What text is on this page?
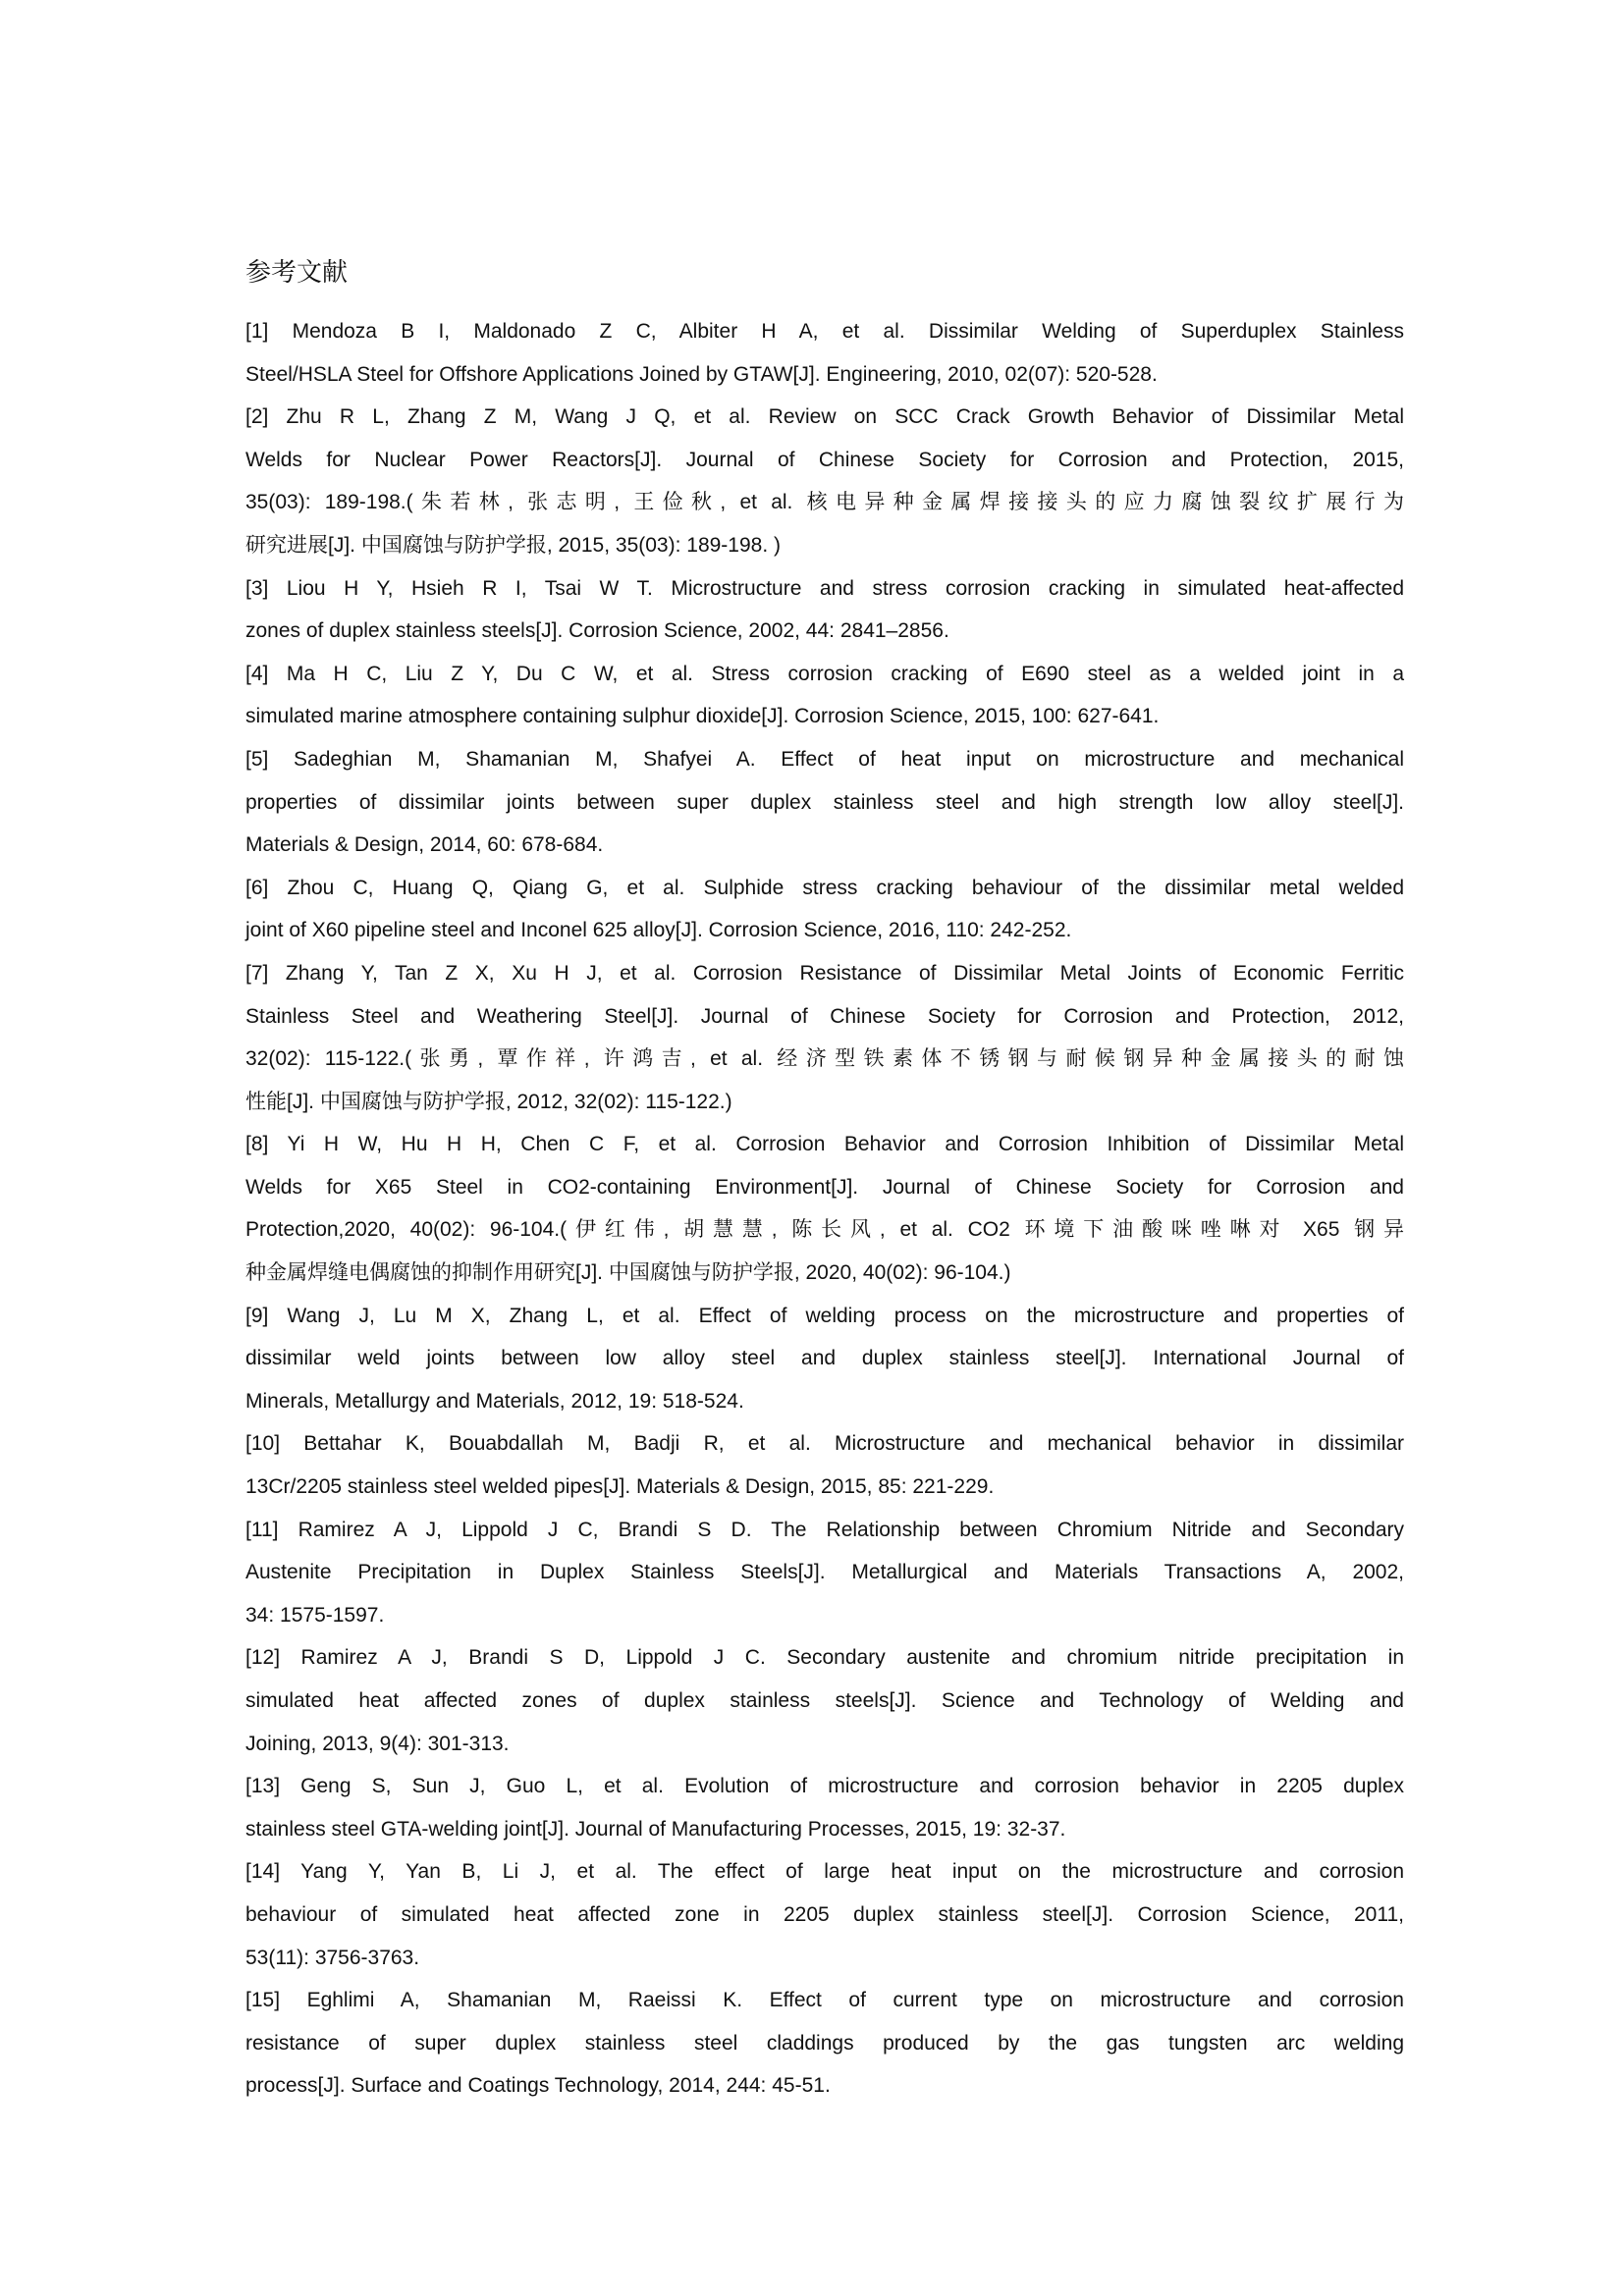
参考文献
[1] Mendoza B I, Maldonado Z C, Albiter H A, et al. Dissimilar Welding of Superduplex Stainless
Steel/HSLA Steel for Offshore Applications Joined by GTAW[J]. Engineering, 2010, 02(07): 520-528.
[2] Zhu R L, Zhang Z M, Wang J Q, et al. Review on SCC Crack Growth Behavior of Dissimilar Metal
Welds for Nuclear Power Reactors[J]. Journal of Chinese Society for Corrosion and Protection, 2015,
35(03): 189-198.(朱若林, 张志明, 王俭秋, et al. 核电异种金属焊接接头的应力腐蚀裂纹扩展行为
研究进展[J]. 中国腐蚀与防护学报, 2015, 35(03): 189-198. )
[3] Liou H Y, Hsieh R I, Tsai W T. Microstructure and stress corrosion cracking in simulated heat-affected
zones of duplex stainless steels[J]. Corrosion Science, 2002, 44: 2841–2856.
[4] Ma H C, Liu Z Y, Du C W, et al. Stress corrosion cracking of E690 steel as a welded joint in a
simulated marine atmosphere containing sulphur dioxide[J]. Corrosion Science, 2015, 100: 627-641.
[5] Sadeghian M, Shamanian M, Shafyei A. Effect of heat input on microstructure and mechanical
properties of dissimilar joints between super duplex stainless steel and high strength low alloy steel[J].
Materials & Design, 2014, 60: 678-684.
[6] Zhou C, Huang Q, Qiang G, et al. Sulphide stress cracking behaviour of the dissimilar metal welded
joint of X60 pipeline steel and Inconel 625 alloy[J]. Corrosion Science, 2016, 110: 242-252.
[7] Zhang Y, Tan Z X, Xu H J, et al. Corrosion Resistance of Dissimilar Metal Joints of Economic Ferritic
Stainless Steel and Weathering Steel[J]. Journal of Chinese Society for Corrosion and Protection, 2012,
32(02): 115-122.(张勇, 覃作祥, 许鸿吉, et al. 经济型铁素体不锈钢与耐候钢异种金属接头的耐蚀
性能[J]. 中国腐蚀与防护学报, 2012, 32(02): 115-122.)
[8] Yi H W, Hu H H, Chen C F, et al. Corrosion Behavior and Corrosion Inhibition of Dissimilar Metal
Welds for X65 Steel in CO2-containing Environment[J]. Journal of Chinese Society for Corrosion and
Protection,2020, 40(02): 96-104.(伊红伟, 胡慧慧, 陈长风, et al. CO2 环境下油酸咪唑啉对 X65 钢异
种金属焊缝电偶腐蚀的抑制作用研究[J]. 中国腐蚀与防护学报, 2020, 40(02): 96-104.)
[9] Wang J, Lu M X, Zhang L, et al. Effect of welding process on the microstructure and properties of
dissimilar weld joints between low alloy steel and duplex stainless steel[J]. International Journal of
Minerals, Metallurgy and Materials, 2012, 19: 518-524.
[10] Bettahar K, Bouabdallah M, Badji R, et al. Microstructure and mechanical behavior in dissimilar
13Cr/2205 stainless steel welded pipes[J]. Materials & Design, 2015, 85: 221-229.
[11] Ramirez A J, Lippold J C, Brandi S D. The Relationship between Chromium Nitride and Secondary
Austenite Precipitation in Duplex Stainless Steels[J]. Metallurgical and Materials Transactions A, 2002,
34: 1575-1597.
[12] Ramirez A J, Brandi S D, Lippold J C. Secondary austenite and chromium nitride precipitation in
simulated heat affected zones of duplex stainless steels[J]. Science and Technology of Welding and
Joining, 2013, 9(4): 301-313.
[13] Geng S, Sun J, Guo L, et al. Evolution of microstructure and corrosion behavior in 2205 duplex
stainless steel GTA-welding joint[J]. Journal of Manufacturing Processes, 2015, 19: 32-37.
[14] Yang Y, Yan B, Li J, et al. The effect of large heat input on the microstructure and corrosion
behaviour of simulated heat affected zone in 2205 duplex stainless steel[J]. Corrosion Science, 2011,
53(11): 3756-3763.
[15] Eghlimi A, Shamanian M, Raeissi K. Effect of current type on microstructure and corrosion
resistance of super duplex stainless steel claddings produced by the gas tungsten arc welding
process[J]. Surface and Coatings Technology, 2014, 244: 45-51.
